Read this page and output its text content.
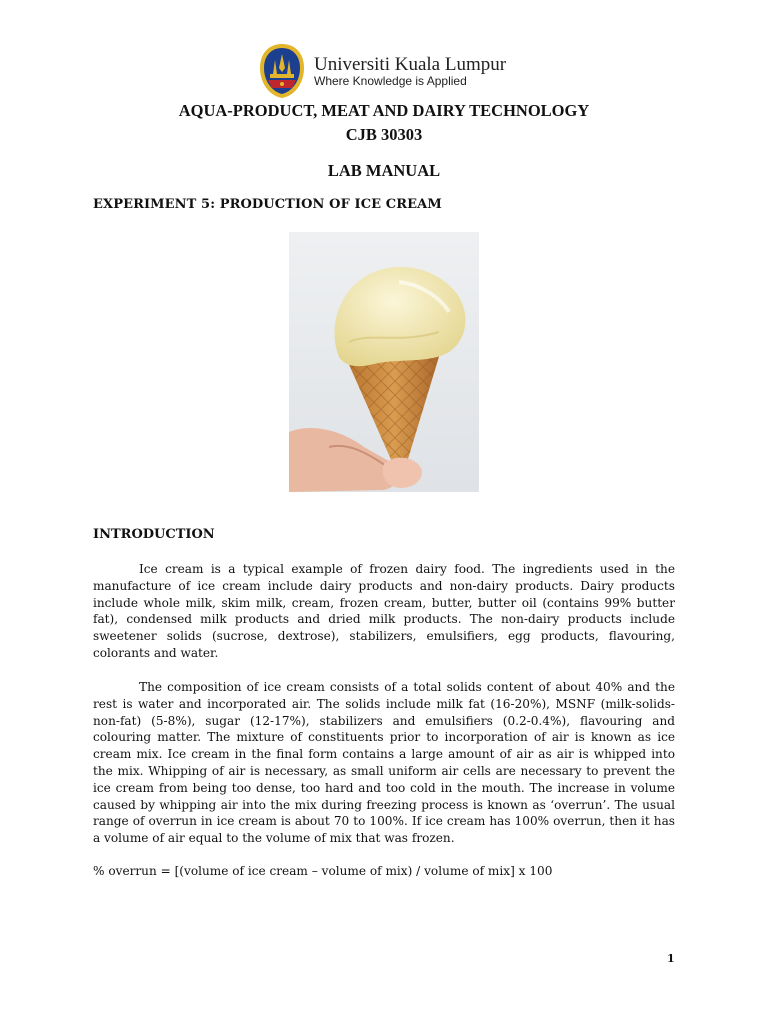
Universiti Kuala Lumpur
Where Knowledge is Applied
AQUA-PRODUCT, MEAT AND DAIRY TECHNOLOGY
CJB 30303
LAB MANUAL
EXPERIMENT 5: PRODUCTION OF ICE CREAM
INTRODUCTION

Ice cream is a typical example of frozen dairy food. The ingredients used in the manufacture of ice cream include dairy products and non-dairy products. Dairy products include whole milk, skim milk, cream, frozen cream, butter, butter oil (contains 99% butter fat), condensed milk products and dried milk products. The non-dairy products include sweetener solids (sucrose, dextrose), stabilizers, emulsifiers, egg products, flavouring, colorants and water.

The composition of ice cream consists of a total solids content of about 40% and the rest is water and incorporated air. The solids include milk fat (16-20%), MSNF (milk-solids-non-fat) (5-8%), sugar (12-17%), stabilizers and emulsifiers (0.2-0.4%), flavouring and colouring matter. The mixture of constituents prior to incorporation of air is known as ice cream mix. Ice cream in the final form contains a large amount of air as air is whipped into the mix. Whipping of air is necessary, as small uniform air cells are necessary to prevent the ice cream from being too dense, too hard and too cold in the mouth. The increase in volume caused by whipping air into the mix during freezing process is known as ‘overrun’. The usual range of overrun in ice cream is about 70 to 100%. If ice cream has 100% overrun, then it has a volume of air equal to the volume of mix that was frozen.

% overrun = [(volume of ice cream – volume of mix) / volume of mix] x 100
1
